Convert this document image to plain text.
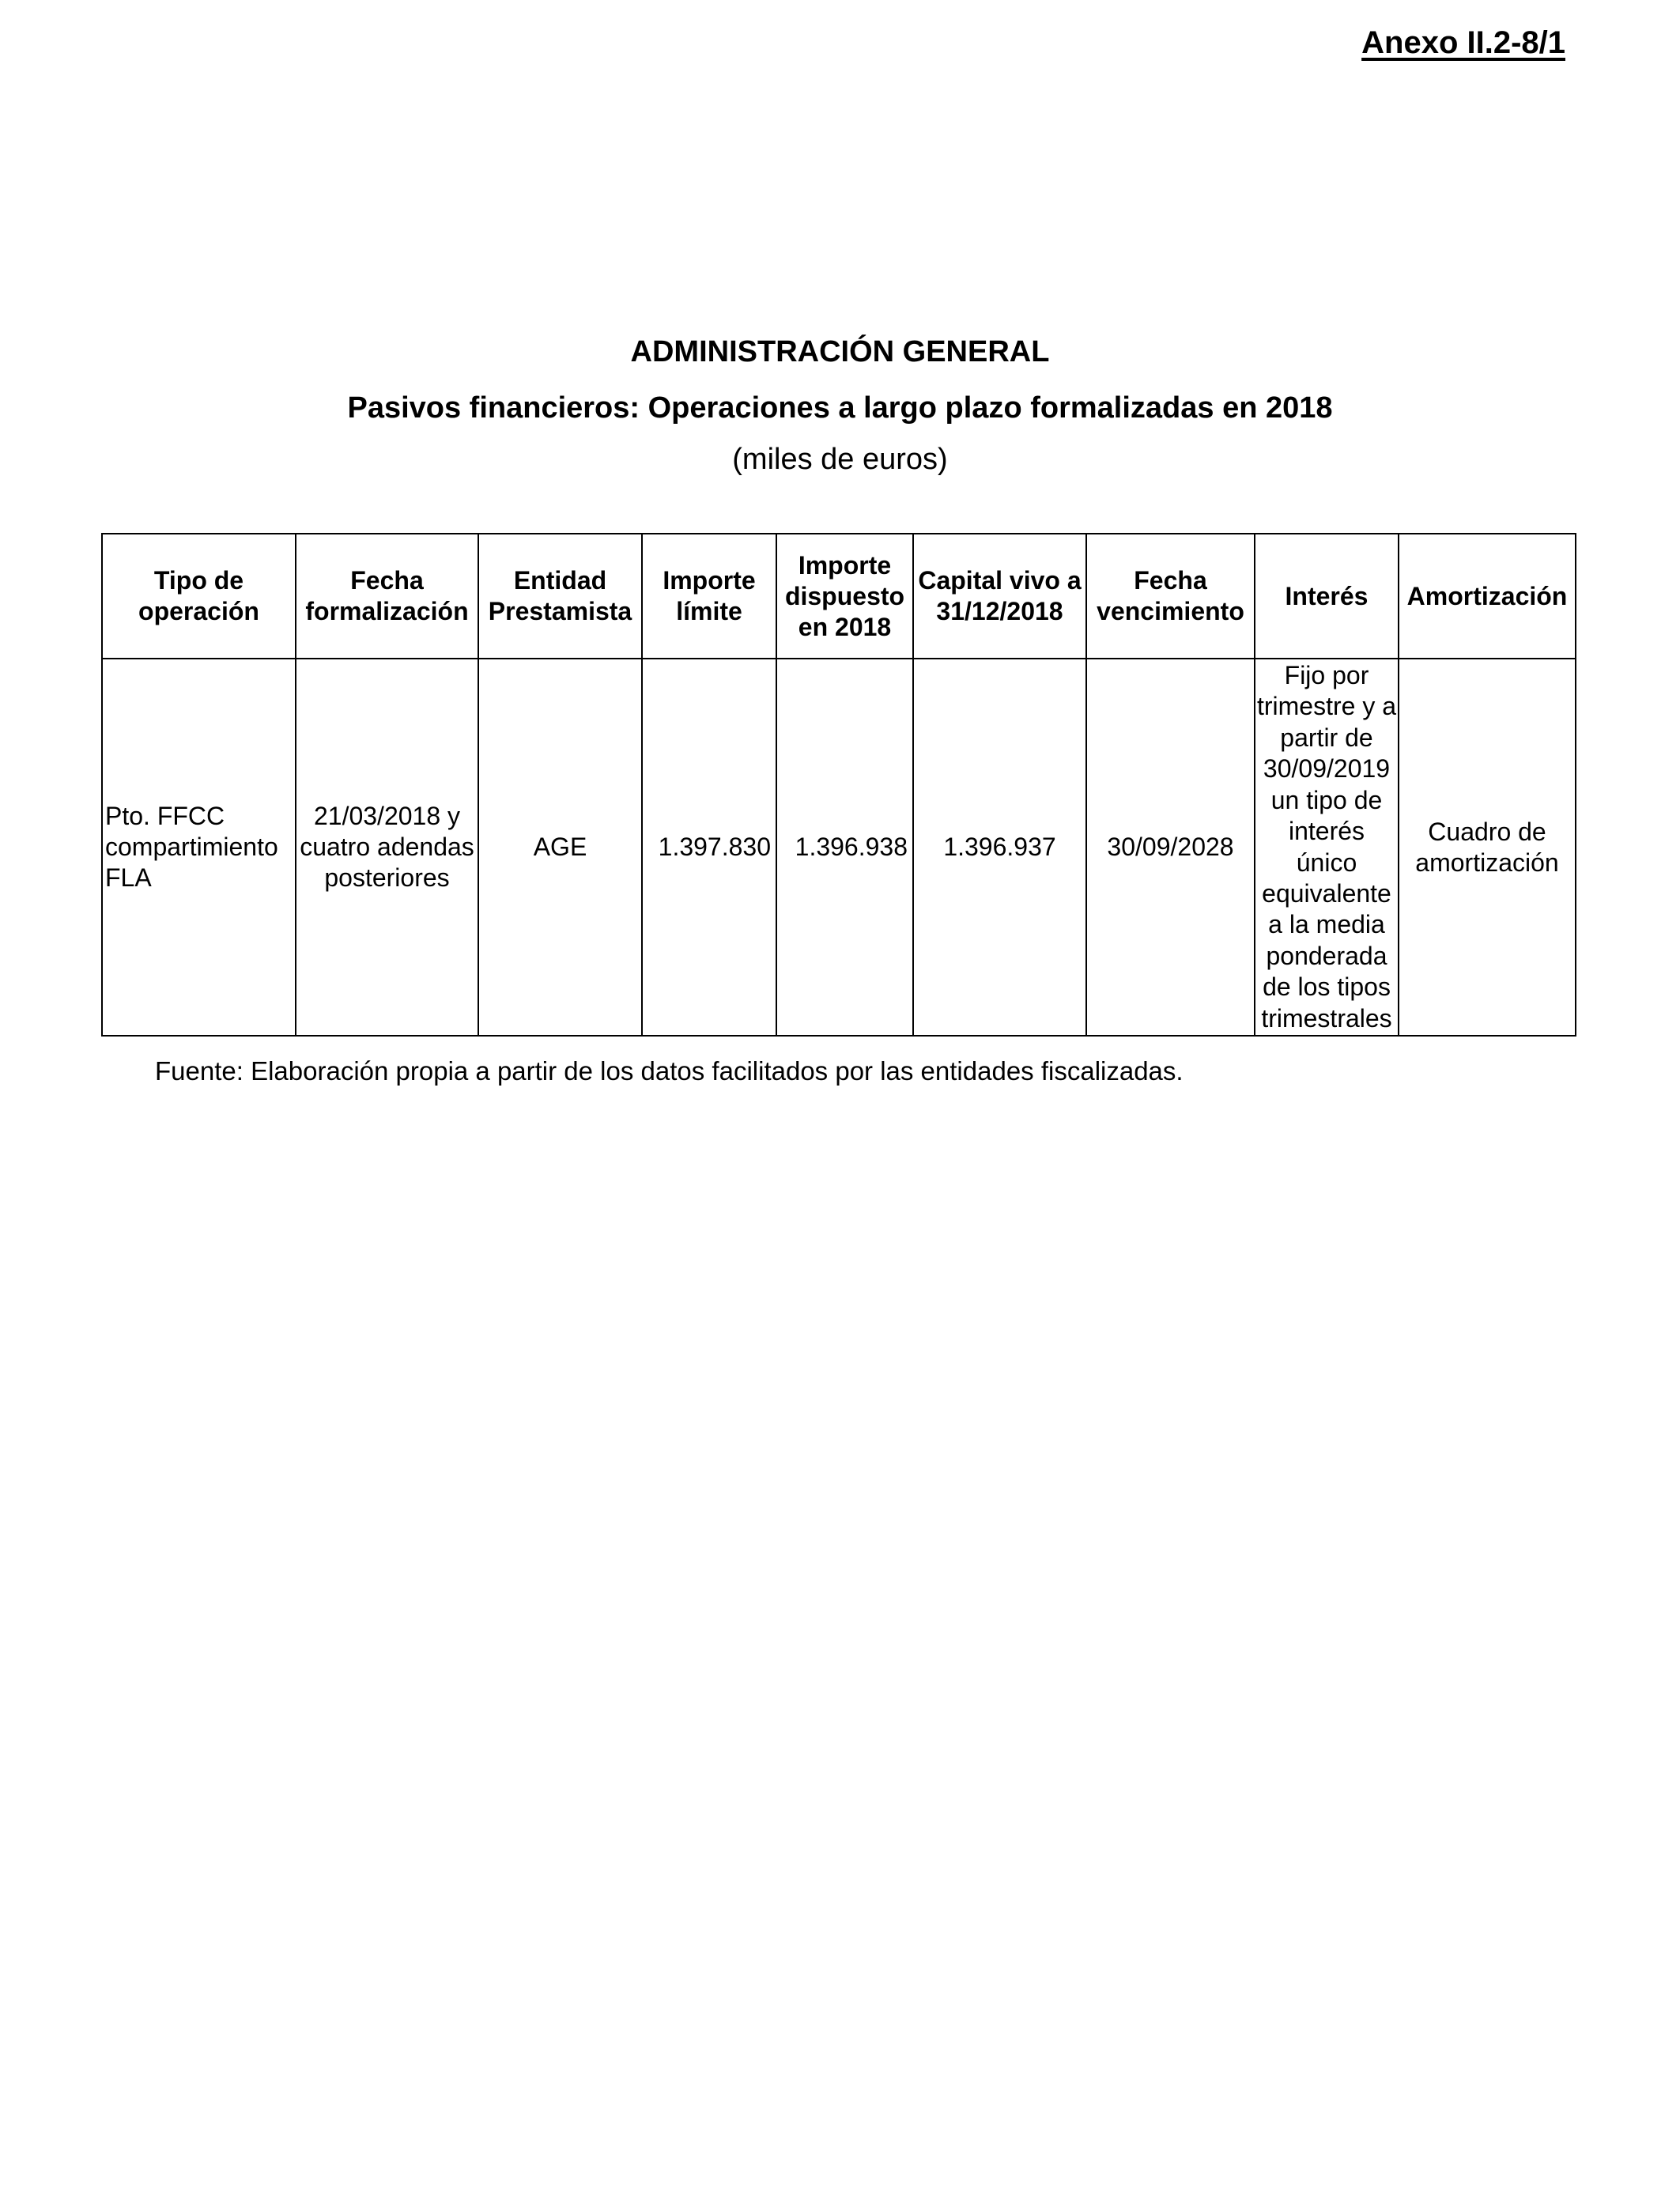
Anexo II.2-8/1
ADMINISTRACIÓN GENERAL
Pasivos financieros: Operaciones a largo plazo formalizadas en 2018
(miles de euros)
Tipo de operación	Fecha formalización	Entidad Prestamista	Importe límite	Importe dispuesto en 2018	Capital vivo a 31/12/2018	Fecha vencimiento	Interés	Amortización
Pto. FFCC compartimiento FLA	21/03/2018 y cuatro adendas posteriores	AGE	1.397.830	1.396.938	1.396.937	30/09/2028	Fijo por trimestre y a partir de 30/09/2019 un tipo de interés único equivalente a la media ponderada de los tipos trimestrales	Cuadro de amortización
Fuente: Elaboración propia a partir de los datos facilitados por las entidades fiscalizadas.
